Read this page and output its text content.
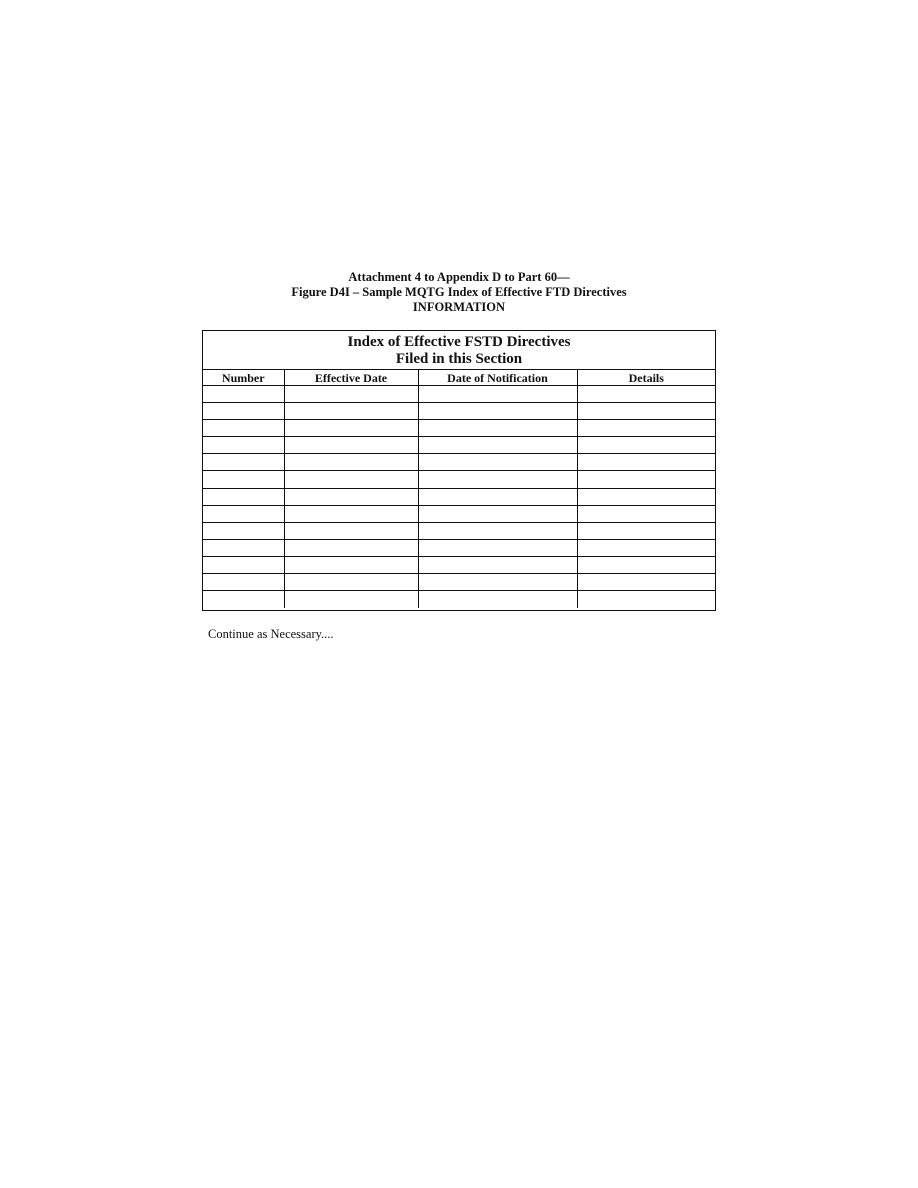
Attachment 4 to Appendix D to Part 60—
Figure D4I – Sample MQTG Index of Effective FTD Directives
INFORMATION
Index of Effective FSTD Directives
Filed in this Section
Number	Effective Date	Date of Notification	Details

Continue as Necessary....
